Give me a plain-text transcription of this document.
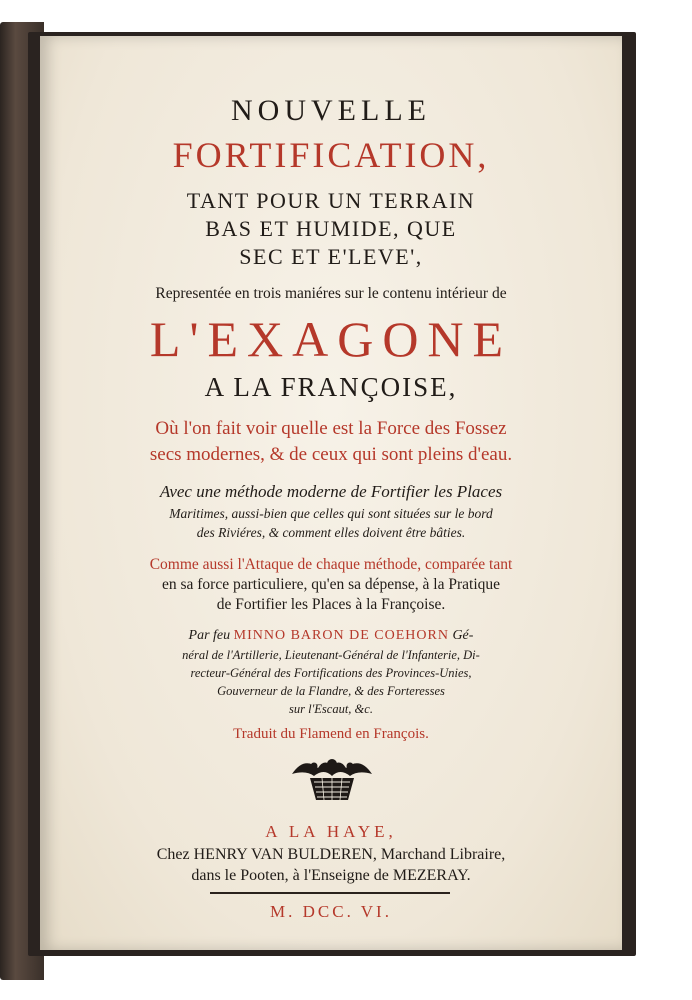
NOUVELLE
FORTIFICATION,
TANT POUR UN TERRAIN
BAS ET HUMIDE, QUE
SEC ET E'LEVE',
Representée en trois maniéres sur le contenu intérieur de
L'EXAGONE
A LA FRANÇOISE,
Où l'on fait voir quelle est la Force des Fossez
secs modernes, & de ceux qui sont pleins d'eau.
Avec une méthode moderne de Fortifier les Places
Maritimes, aussi-bien que celles qui sont situées sur le bord
des Riviéres, & comment elles doivent être bâties.
Comme aussi l'Attaque de chaque méthode, comparée tant
en sa force particuliere, qu'en sa dépense, à la Pratique
de Fortifier les Places à la Françoise.
Par feu MINNO BARON DE COEHORN Gé-
néral de l'Artillerie, Lieutenant-Général de l'Infanterie, Di-
recteur-Général des Fortifications des Provinces-Unies,
Gouverneur de la Flandre, & des Forteresses
sur l'Escaut, &c.
Traduit du Flamend en François.
A LA HAYE,
Chez HENRY VAN BULDEREN, Marchand Libraire,
dans le Pooten, à l'Enseigne de MEZERAY.
M. DCC. VI.
